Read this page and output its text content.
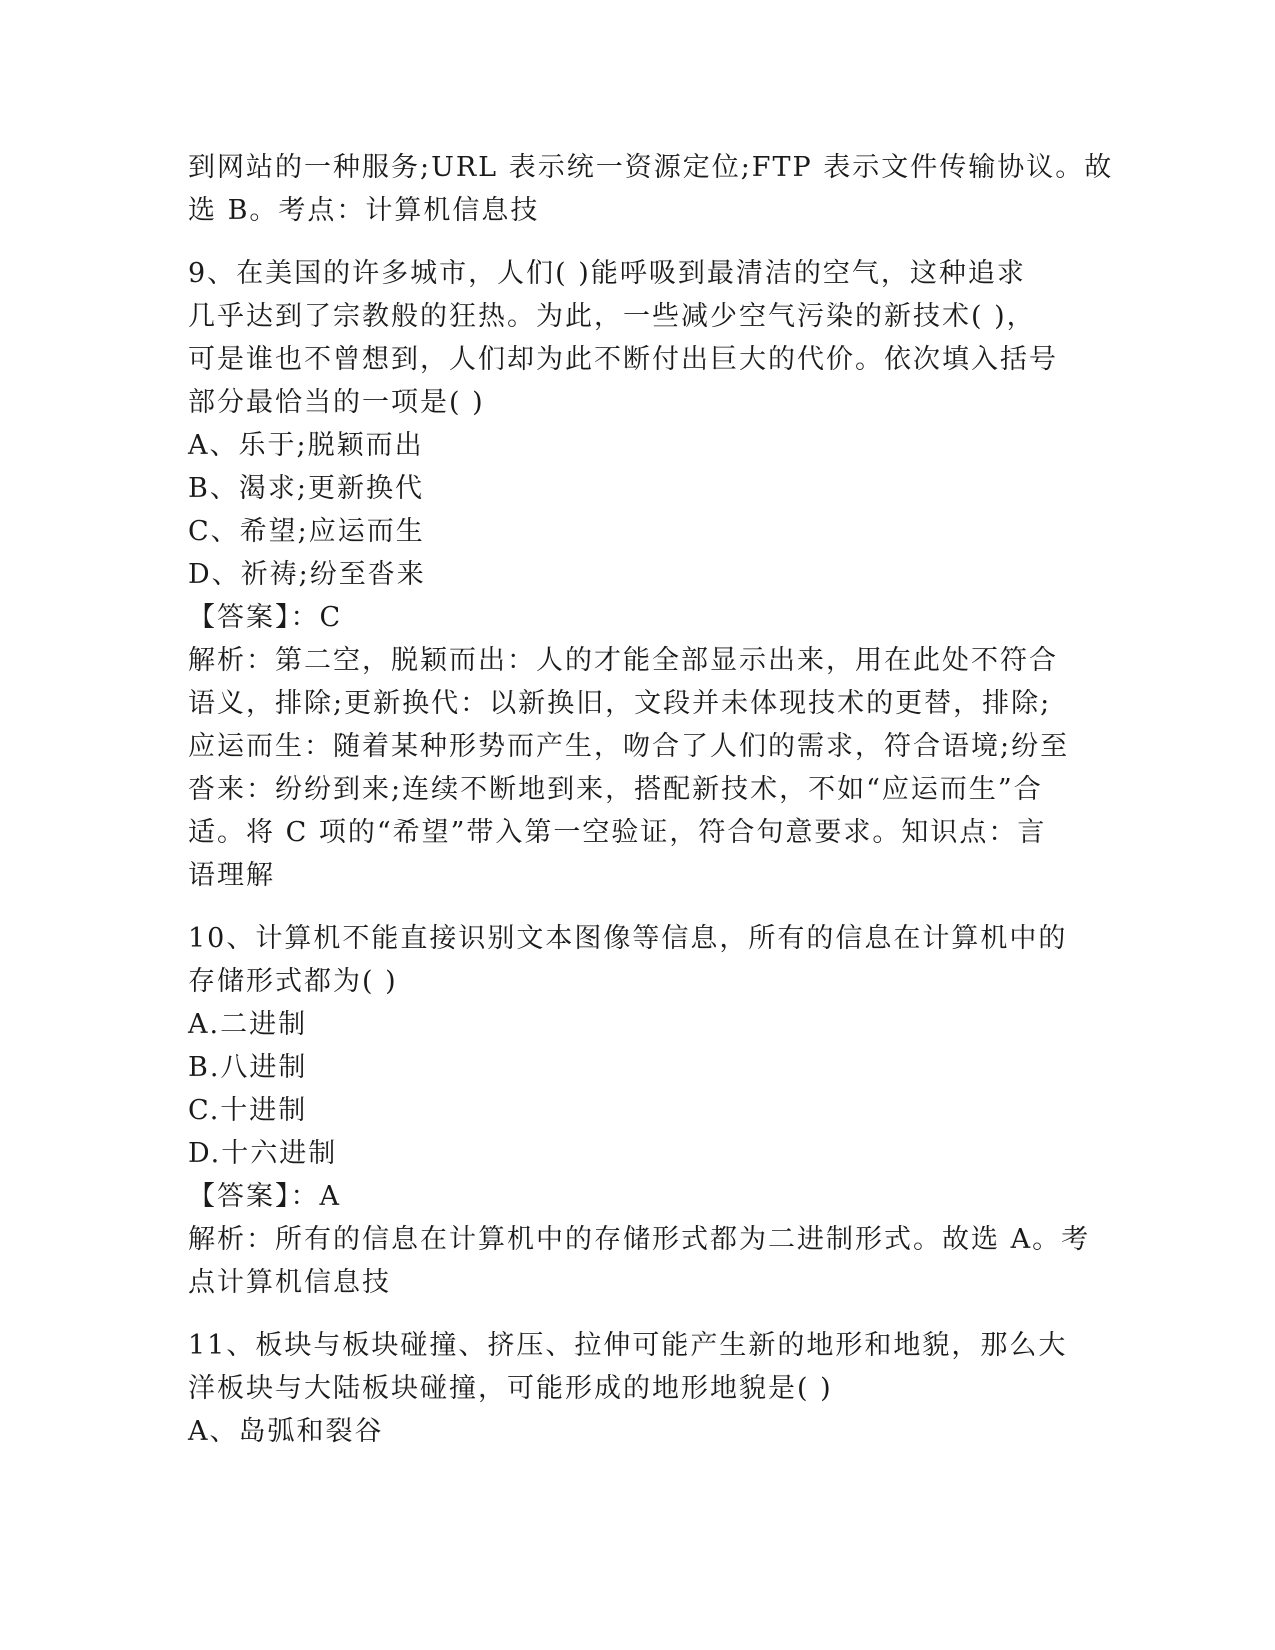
到网站的一种服务;URL 表示统一资源定位;FTP 表示文件传输协议。故
选 B。考点：计算机信息技
9、在美国的许多城市，人们( )能呼吸到最清洁的空气，这种追求
几乎达到了宗教般的狂热。为此，一些减少空气污染的新技术( )，
可是谁也不曾想到，人们却为此不断付出巨大的代价。依次填入括号
部分最恰当的一项是( )
A、乐于;脱颖而出
B、渴求;更新换代
C、希望;应运而生
D、祈祷;纷至沓来
【答案】：C
解析：第二空，脱颖而出：人的才能全部显示出来，用在此处不符合
语义，排除;更新换代：以新换旧，文段并未体现技术的更替，排除;
应运而生：随着某种形势而产生，吻合了人们的需求，符合语境;纷至
沓来：纷纷到来;连续不断地到来，搭配新技术，不如“应运而生”合
适。将 C 项的“希望”带入第一空验证，符合句意要求。知识点：言
语理解
10、计算机不能直接识别文本图像等信息，所有的信息在计算机中的
存储形式都为( )
A.二进制
B.八进制
C.十进制
D.十六进制
【答案】：A
解析：所有的信息在计算机中的存储形式都为二进制形式。故选 A。考
点计算机信息技
11、板块与板块碰撞、挤压、拉伸可能产生新的地形和地貌，那么大
洋板块与大陆板块碰撞，可能形成的地形地貌是( )
A、岛弧和裂谷
